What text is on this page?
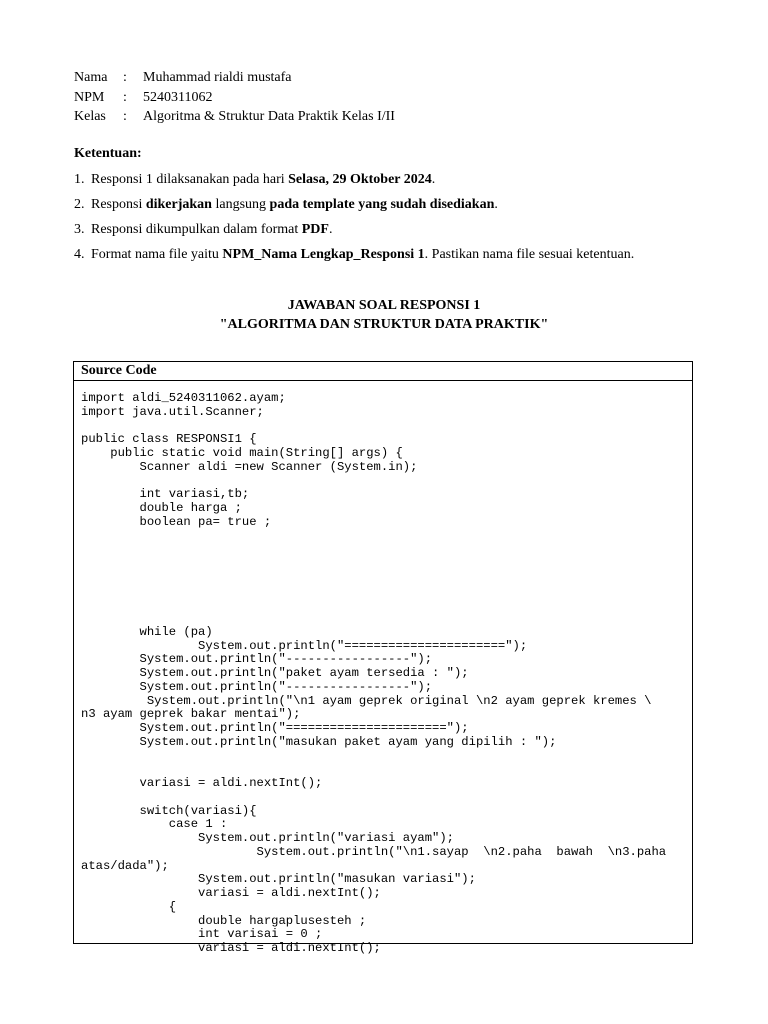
Nama	:	Muhammad rialdi mustafa
NPM	:	5240311062
Kelas	:	Algoritma & Struktur Data Praktik Kelas I/II
Ketentuan:
1. Responsi 1 dilaksanakan pada hari Selasa, 29 Oktober 2024.
2. Responsi dikerjakan langsung pada template yang sudah disediakan.
3. Responsi dikumpulkan dalam format PDF.
4. Format nama file yaitu NPM_Nama Lengkap_Responsi 1. Pastikan nama file sesuai ketentuan.
JAWABAN SOAL RESPONSI 1
"ALGORITMA DAN STRUKTUR DATA PRAKTIK"
Source Code
import aldi_5240311062.ayam;
import java.util.Scanner;
public class RESPONSI1 {
public static void main(String[] args) {
Scanner aldi =new Scanner (System.in);
int variasi,tb;
double harga ;
boolean pa= true ;
while (pa)
System.out.println("======================");
System.out.println("-----------------");
System.out.println("paket ayam tersedia : ");
System.out.println("-----------------");
System.out.println("\n1 ayam geprek original \n2 ayam geprek kremes \
n3 ayam geprek bakar mentai");
System.out.println("======================");
System.out.println("masukan paket ayam yang dipilih : ");
variasi = aldi.nextInt();
switch(variasi){
case 1 :
System.out.println("variasi ayam");
System.out.println("\n1.sayap  \n2.paha  bawah  \n3.paha
atas/dada");
System.out.println("masukan variasi");
variasi = aldi.nextInt();
{
double hargaplusesteh ;
int varisai = 0 ;
variasi = aldi.nextInt();
